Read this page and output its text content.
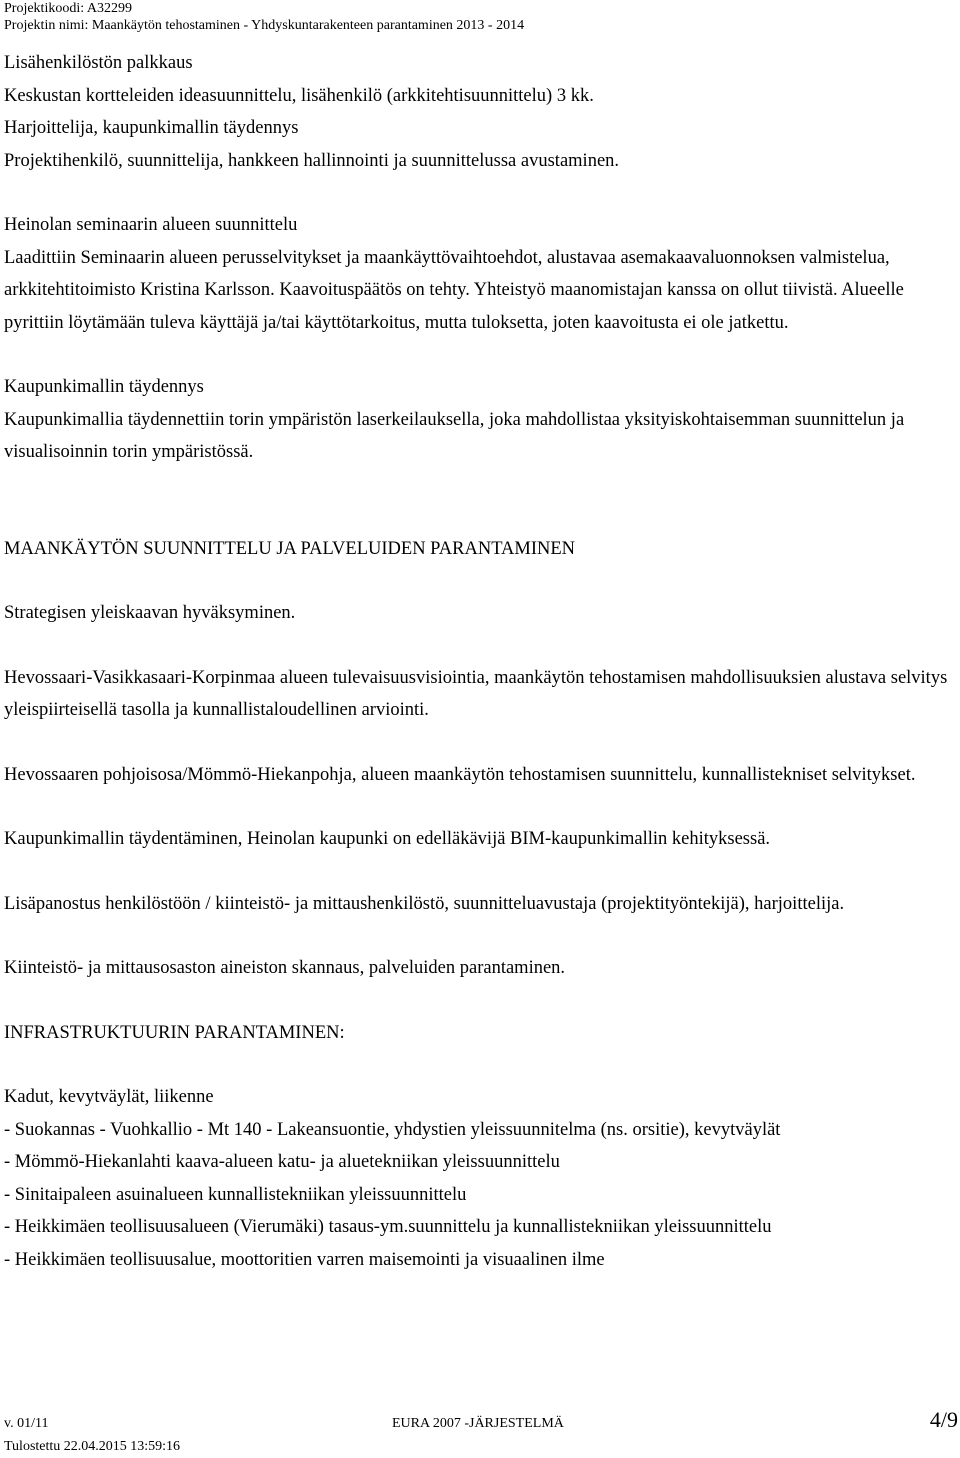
Projektikoodi: A32299
Projektin nimi: Maankäytön tehostaminen - Yhdyskuntarakenteen parantaminen 2013 - 2014

Lisähenkilöstön palkkaus

Keskustan kortteleiden ideasuunnittelu, lisähenkilö (arkkitehtisuunnittelu) 3 kk.

Harjoittelija, kaupunkimallin täydennys

Projektihenkilö, suunnittelija, hankkeen hallinnointi ja suunnittelussa avustaminen.

Heinolan seminaarin alueen suunnittelu

Laadittiin Seminaarin alueen perusselvitykset ja maankäyttövaihtoehdot, alustavaa asemakaavaluonnoksen valmistelua, arkkitehtitoimisto Kristina Karlsson. Kaavoituspäätös on tehty. Yhteistyö maanomistajan kanssa on ollut tiivistä. Alueelle pyrittiin löytämään tuleva käyttäjä ja/tai käyttötarkoitus, mutta tuloksetta, joten kaavoitusta ei ole jatkettu.

Kaupunkimallin täydennys

Kaupunkimallia täydennettiin torin ympäristön laserkeilauksella, joka mahdollistaa yksityiskohtaisemman suunnittelun ja visualisoinnin torin ympäristössä.

MAANKÄYTÖN SUUNNITTELU JA PALVELUIDEN PARANTAMINEN

Strategisen yleiskaavan hyväksyminen.

Hevossaari-Vasikkasaari-Korpinmaa alueen tulevaisuusvisiointia, maankäytön tehostamisen mahdollisuuksien alustava selvitys yleispiirteisellä tasolla ja kunnallistaloudellinen arviointi.

Hevossaaren pohjoisosa/Mömmö-Hiekanpohja, alueen maankäytön tehostamisen suunnittelu, kunnallistekniset selvitykset.

Kaupunkimallin täydentäminen, Heinolan kaupunki on edelläkävijä BIM-kaupunkimallin kehityksessä.

Lisäpanostus henkilöstöön / kiinteistö- ja mittaushenkilöstö, suunnitteluavustaja (projektityöntekijä), harjoittelija.

Kiinteistö- ja mittausosaston aineiston skannaus, palveluiden parantaminen.

INFRASTRUKTUURIN PARANTAMINEN:

Kadut, kevytväylät, liikenne

- Suokannas - Vuohkallio - Mt 140 - Lakeansuontie, yhdystien yleissuunnitelma (ns. orsitie), kevytväylät

- Mömmö-Hiekanlahti kaava-alueen katu- ja aluetekniikan yleissuunnittelu

- Sinitaipaleen asuinalueen kunnallistekniikan yleissuunnittelu

- Heikkimäen teollisuusalueen (Vierumäki) tasaus-ym.suunnittelu ja kunnallistekniikan yleissuunnittelu

- Heikkimäen teollisuusalue, moottoritien varren maisemointi ja visuaalinen ilme

v. 01/11
Tulostettu 22.04.2015 13:59:16
EURA 2007 -JÄRJESTELMÄ	4/9
